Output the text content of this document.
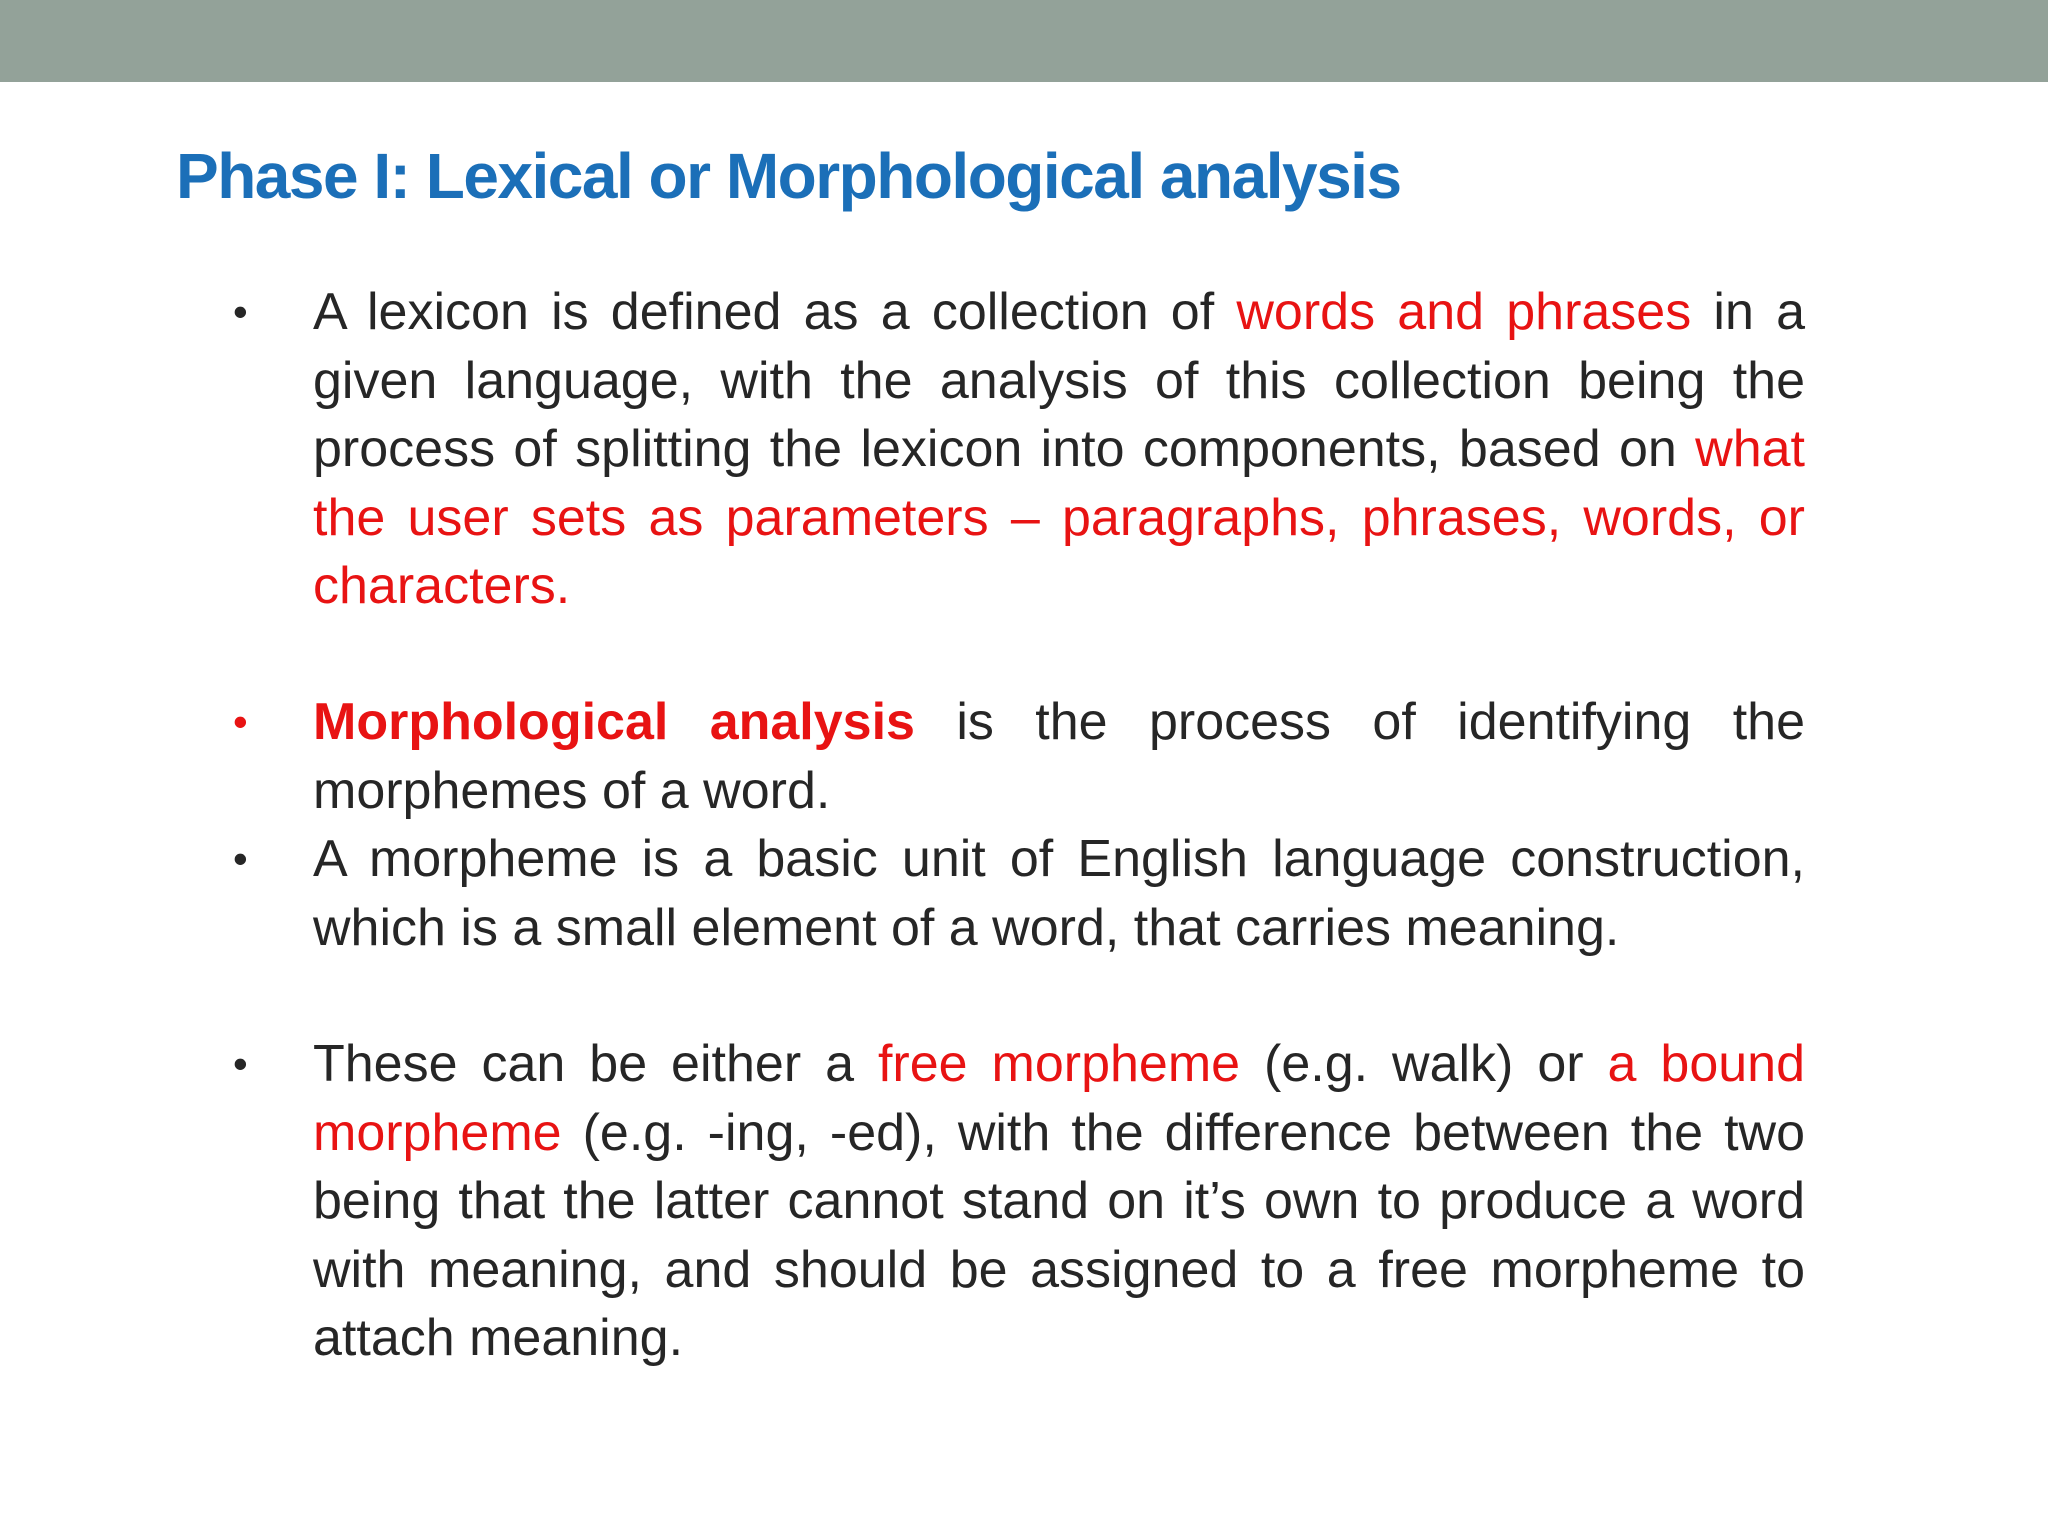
Phase I: Lexical or Morphological analysis
•	A lexicon is defined as a collection of words and phrases in a given language, with the analysis of this collection being the process of splitting the lexicon into components, based on what the user sets as parameters – paragraphs, phrases, words, or characters.
•	Morphological analysis is the process of identifying the morphemes of a word.
•	A morpheme is a basic unit of English language construction, which is a small element of a word, that carries meaning.
•	These can be either a free morpheme (e.g. walk) or a bound morpheme (e.g. -ing, -ed), with the difference between the two being that the latter cannot stand on it’s own to produce a word with meaning, and should be assigned to a free morpheme to attach meaning.
